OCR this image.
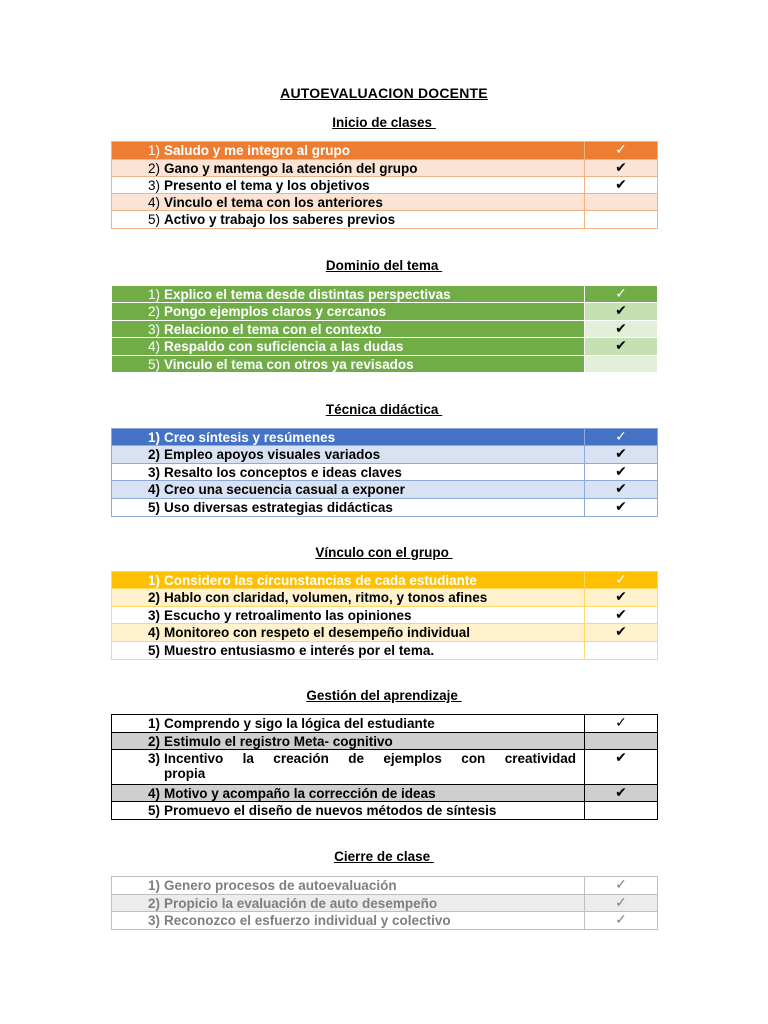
AUTOEVALUACION DOCENTE
Inicio de clases
1) Saludo y me integro al grupo	✓
2) Gano y mantengo la atención del grupo	✔
3) Presento el tema y los objetivos	✔
4) Vinculo el tema con los anteriores	
5) Activo y trabajo los saberes previos	
Dominio del tema
1) Explico el tema desde distintas perspectivas	✓
2) Pongo ejemplos claros y cercanos	✔
3) Relaciono el tema con el contexto	✔
4) Respaldo con suficiencia a las dudas	✔
5) Vinculo el tema con otros ya revisados	
Técnica didáctica
1) Creo síntesis y resúmenes	✓
2) Empleo apoyos visuales variados	✔
3) Resalto los conceptos e ideas claves	✔
4) Creo una secuencia casual a exponer	✔
5) Uso diversas estrategias didácticas	✔
Vínculo con el grupo
1) Considero las circunstancias de cada estudiante	✓
2) Hablo con claridad, volumen, ritmo, y tonos afines	✔
3) Escucho y retroalimento las opiniones	✔
4) Monitoreo con respeto el desempeño individual	✔
5) Muestro entusiasmo e interés por el tema.	
Gestión del aprendizaje
1) Comprendo y sigo la lógica del estudiante	✓
2) Estimulo el registro Meta- cognitivo	

3) Incentivo la creación de ejemplos con creatividad
propia	✔
4) Motivo y acompaño la corrección de ideas	✔
5) Promuevo el diseño de nuevos métodos de síntesis	
Cierre de clase
1) Genero procesos de autoevaluación	✓
2) Propicio la evaluación de auto desempeño	✓
3) Reconozco el esfuerzo individual y colectivo	✓
